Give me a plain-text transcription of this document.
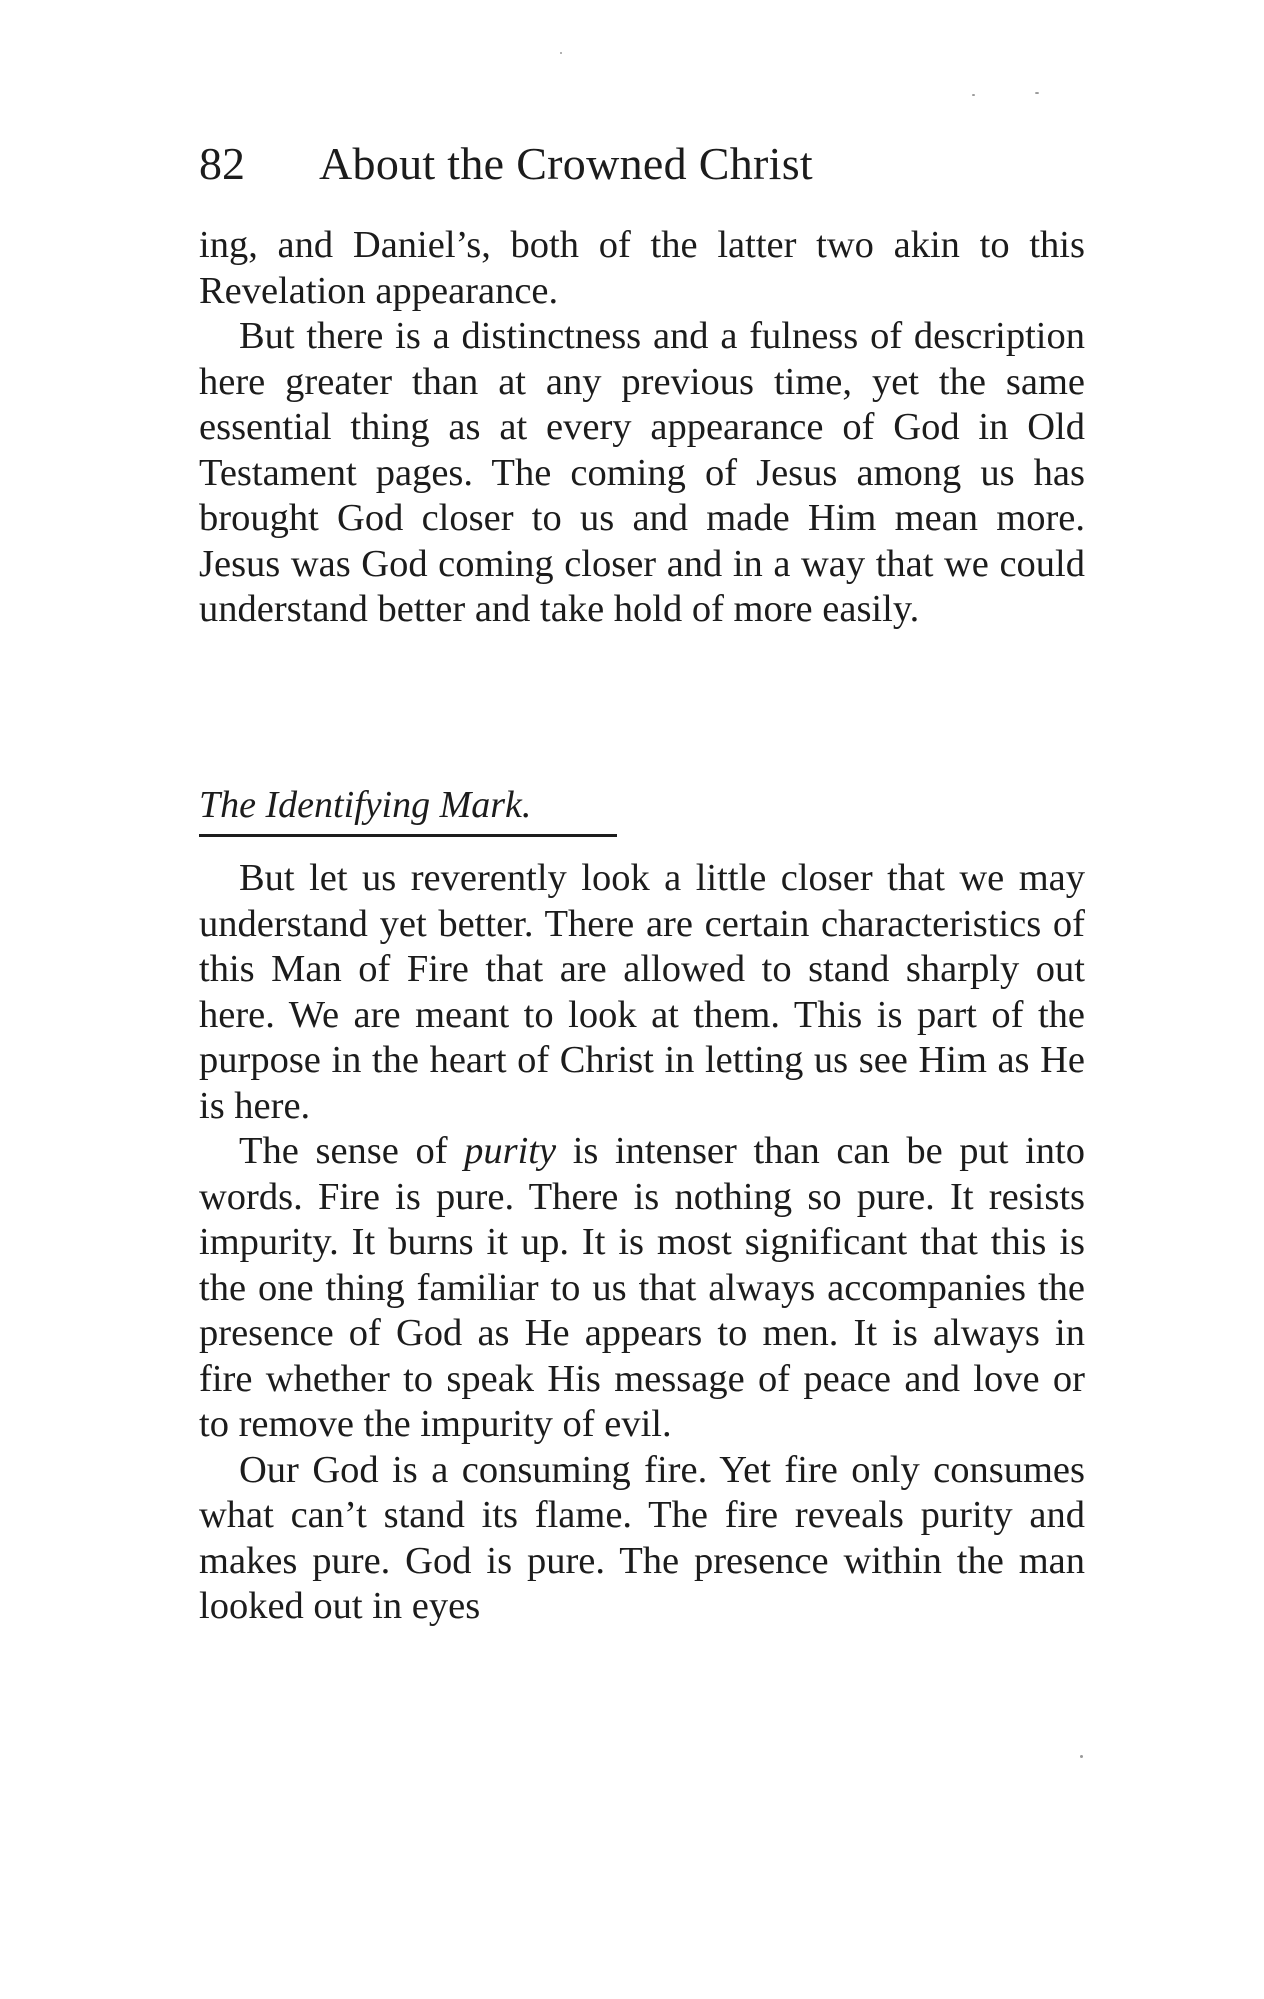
82 About the Crowned Christ

ing, and Daniel’s, both of the latter two akin to this Revelation appearance.

But there is a distinctness and a fulness of description here greater than at any previous time, yet the same essential thing as at every appearance of God in Old Testament pages. The coming of Jesus among us has brought God closer to us and made Him mean more. Jesus was God coming closer and in a way that we could understand better and take hold of more easily.

The Identifying Mark.

But let us reverently look a little closer that we may understand yet better. There are certain characteristics of this Man of Fire that are allowed to stand sharply out here. We are meant to look at them. This is part of the purpose in the heart of Christ in letting us see Him as He is here.

The sense of purity is intenser than can be put into words. Fire is pure. There is nothing so pure. It resists impurity. It burns it up. It is most significant that this is the one thing familiar to us that always accompanies the presence of God as He appears to men. It is always in fire whether to speak His message of peace and love or to remove the impurity of evil.

Our God is a consuming fire. Yet fire only consumes what can’t stand its flame. The fire reveals purity and makes pure. God is pure. The presence within the man looked out in eyes
